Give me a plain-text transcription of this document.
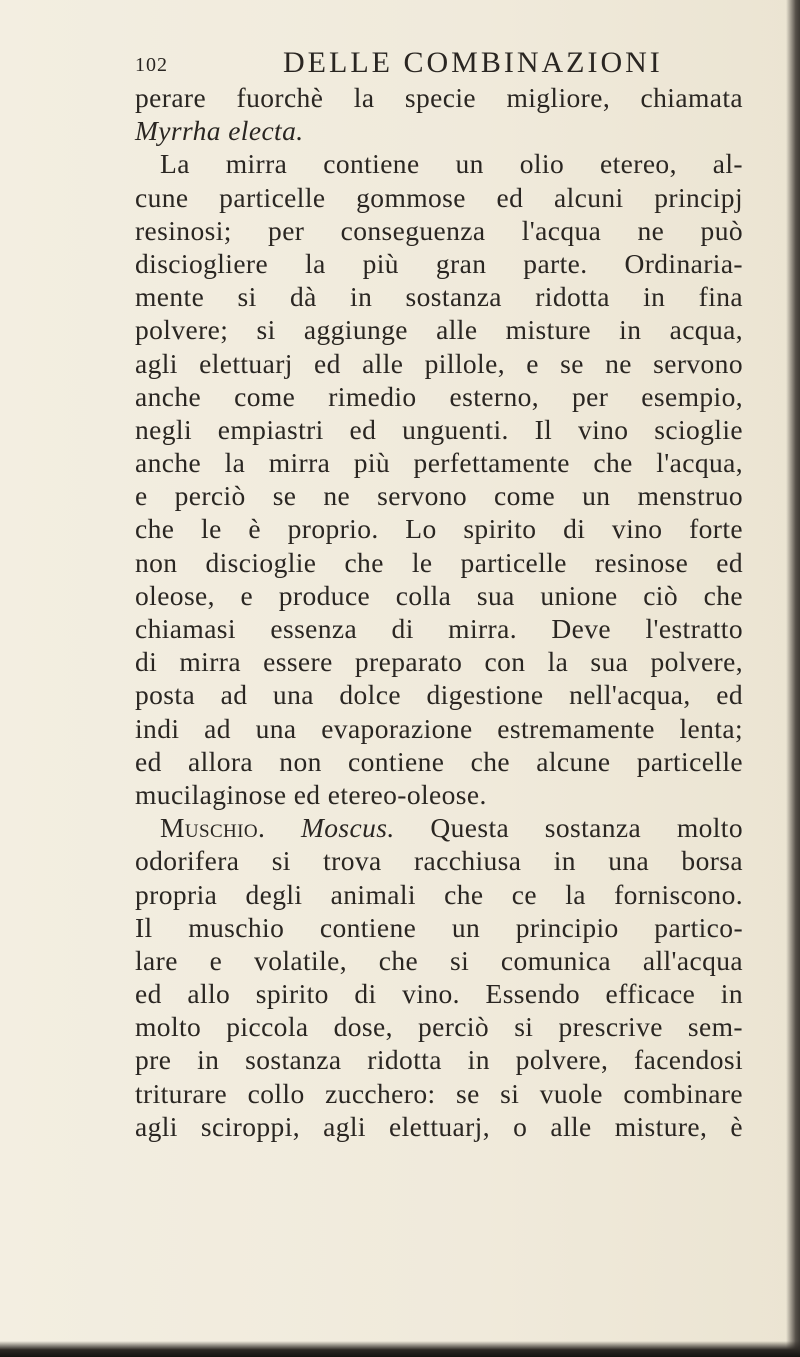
102	DELLE COMBINAZIONI
perare fuorchè la specie migliore, chiamata
Myrrha electa.
La mirra contiene un olio etereo, al-
cune particelle gommose ed alcuni principj
resinosi; per conseguenza l'acqua ne può
disciogliere la più gran parte. Ordinaria-
mente si dà in sostanza ridotta in fina
polvere; si aggiunge alle misture in acqua,
agli elettuarj ed alle pillole, e se ne servono
anche come rimedio esterno, per esempio,
negli empiastri ed unguenti. Il vino scioglie
anche la mirra più perfettamente che l'acqua,
e perciò se ne servono come un menstruo
che le è proprio. Lo spirito di vino forte
non discioglie che le particelle resinose ed
oleose, e produce colla sua unione ciò che
chiamasi essenza di mirra. Deve l'estratto
di mirra essere preparato con la sua polvere,
posta ad una dolce digestione nell'acqua, ed
indi ad una evaporazione estremamente lenta;
ed allora non contiene che alcune particelle
mucilaginose ed etereo-oleose.
Muschio. Moscus. Questa sostanza molto
odorifera si trova racchiusa in una borsa
propria degli animali che ce la forniscono.
Il muschio contiene un principio partico-
lare e volatile, che si comunica all'acqua
ed allo spirito di vino. Essendo efficace in
molto piccola dose, perciò si prescrive sem-
pre in sostanza ridotta in polvere, facendosi
triturare collo zucchero: se si vuole combinare
agli sciroppi, agli elettuarj, o alle misture, è
